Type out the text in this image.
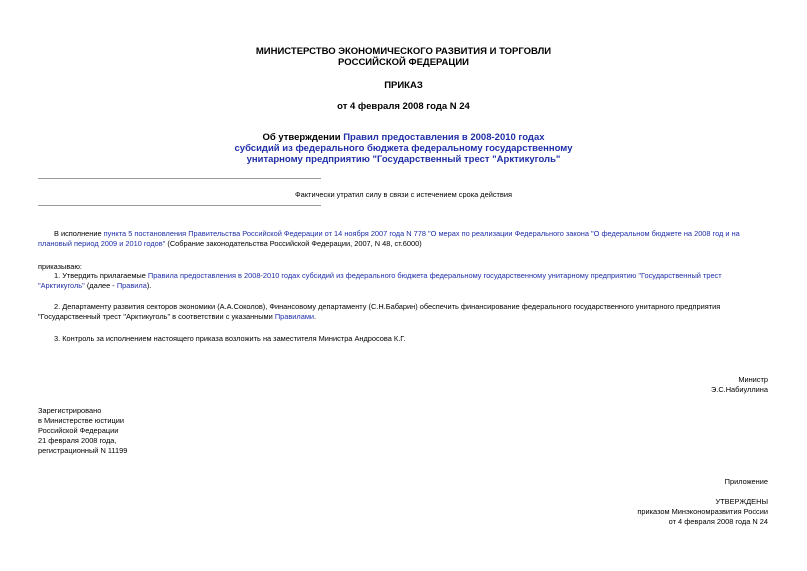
МИНИСТЕРСТВО ЭКОНОМИЧЕСКОГО РАЗВИТИЯ И ТОРГОВЛИ
РОССИЙСКОЙ ФЕДЕРАЦИИ
ПРИКАЗ
от 4 февраля 2008 года N 24
Об утверждении Правил предоставления в 2008-2010 годах
субсидий из федерального бюджета федеральному государственному
унитарному предприятию "Государственный трест "Арктикуголь"
Фактически утратил силу в связи с истечением срока действия
В исполнение пункта 5 постановления Правительства Российской Федерации от 14 ноября 2007 года N 778 "О мерах по реализации Федерального закона "О федеральном бюджете на 2008 год и на плановый период 2009 и 2010 годов" (Собрание законодательства Российской Федерации, 2007, N 48, ст.6000)
приказываю:
1. Утвердить прилагаемые Правила предоставления в 2008-2010 годах субсидий из федерального бюджета федеральному государственному унитарному предприятию "Государственный трест "Арктикуголь" (далее - Правила).
2. Департаменту развития секторов экономики (А.А.Соколов), Финансовому департаменту (С.Н.Бабарин) обеспечить финансирование федерального государственного унитарного предприятия "Государственный трест "Арктикуголь" в соответствии с указанными Правилами.
3. Контроль за исполнением настоящего приказа возложить на заместителя Министра Андросова К.Г.
Министр
Э.С.Набиуллина
Зарегистрировано
в Министерстве юстиции
Российской Федерации
21 февраля 2008 года,
регистрационный N 11199
Приложение
УТВЕРЖДЕНЫ
приказом Минэкономразвития России
от 4 февраля 2008 года N 24
